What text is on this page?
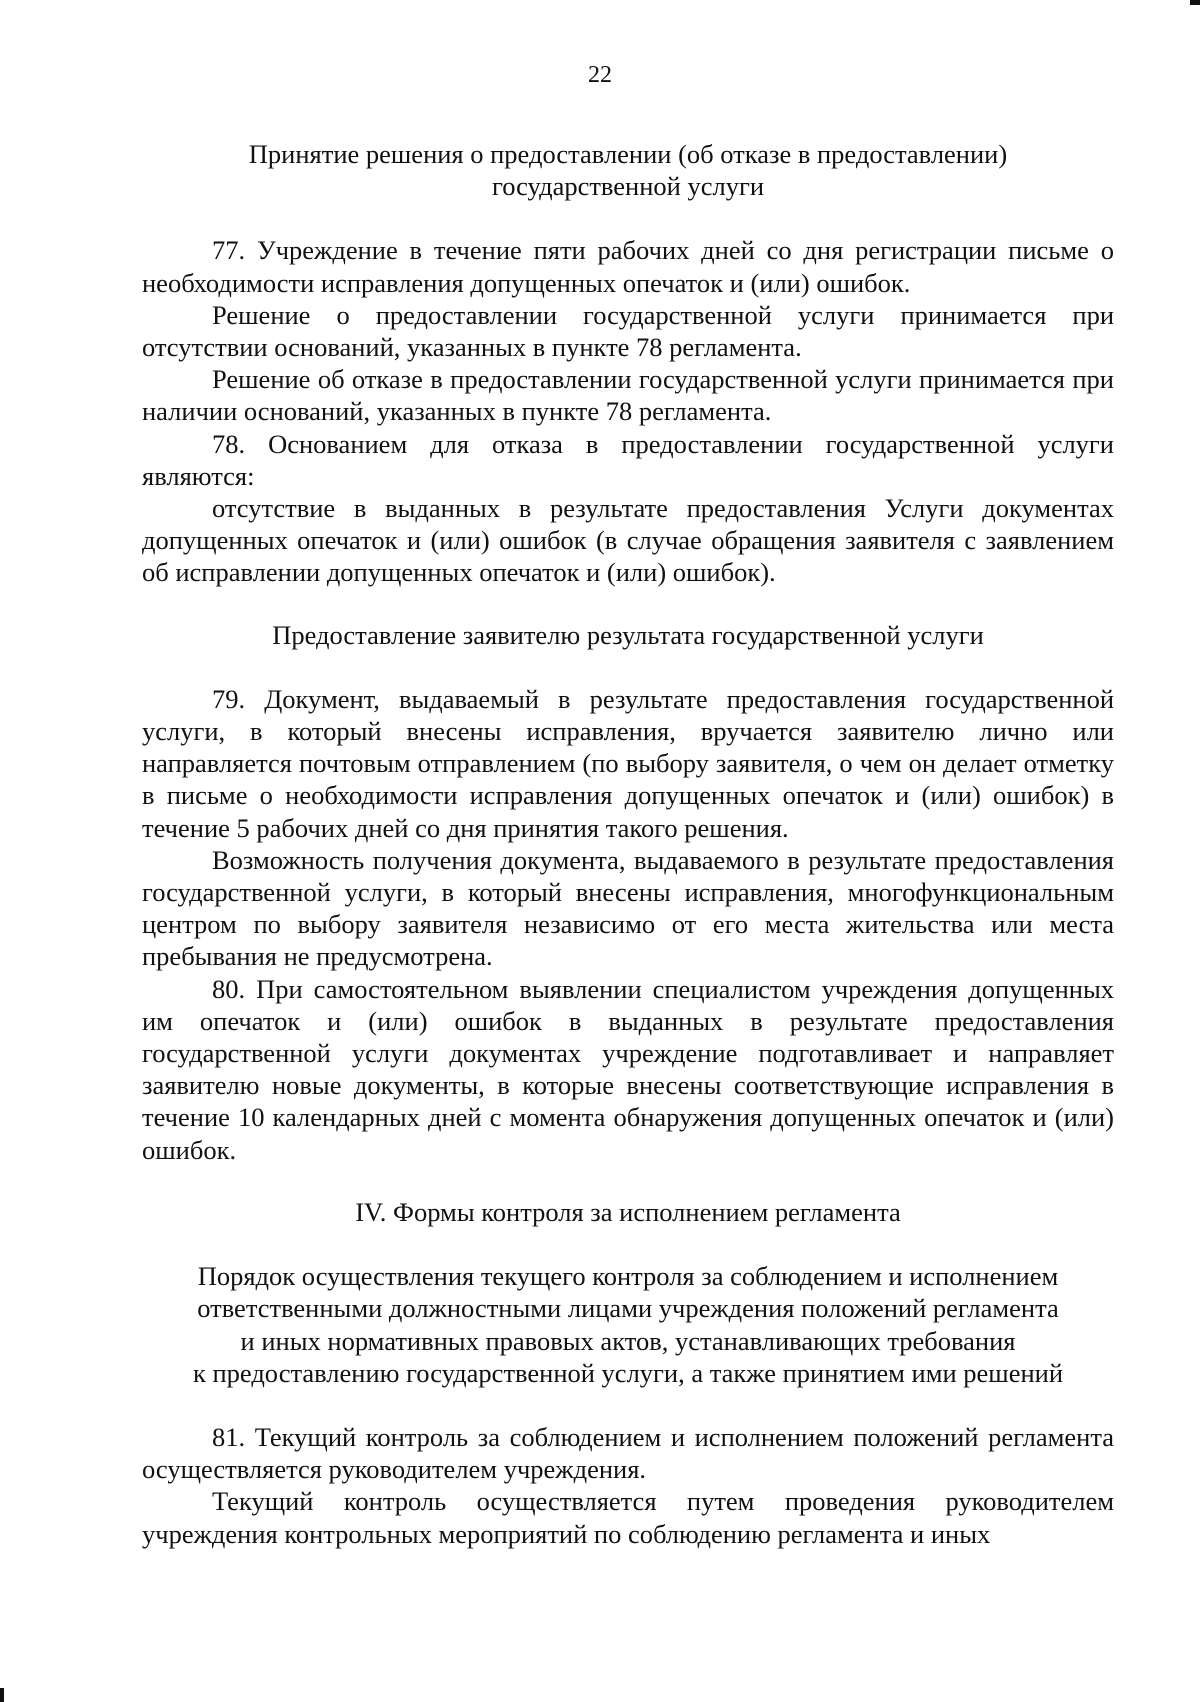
22
Принятие решения о предоставлении (об отказе в предоставлении)
государственной услуги

77. Учреждение в течение пяти рабочих дней со дня регистрации письме о необходимости исправления допущенных опечаток и (или) ошибок.

Решение о предоставлении государственной услуги принимается при отсутствии оснований, указанных в пункте 78 регламента.

Решение об отказе в предоставлении государственной услуги принимается при наличии оснований, указанных в пункте 78 регламента.

78. Основанием для отказа в предоставлении государственной услуги являются:

отсутствие в выданных в результате предоставления Услуги документах допущенных опечаток и (или) ошибок (в случае обращения заявителя с заявлением об исправлении допущенных опечаток и (или) ошибок).

Предоставление заявителю результата государственной услуги

79. Документ, выдаваемый в результате предоставления государственной услуги, в который внесены исправления, вручается заявителю лично или направляется почтовым отправлением (по выбору заявителя, о чем он делает отметку в письме о необходимости исправления допущенных опечаток и (или) ошибок) в течение 5 рабочих дней со дня принятия такого решения.

Возможность получения документа, выдаваемого в результате предоставления государственной услуги, в который внесены исправления, многофункциональным центром по выбору заявителя независимо от его места жительства или места пребывания не предусмотрена.

80. При самостоятельном выявлении специалистом учреждения допущенных им опечаток и (или) ошибок в выданных в результате предоставления государственной услуги документах учреждение подготавливает и направляет заявителю новые документы, в которые внесены соответствующие исправления в течение 10 календарных дней с момента обнаружения допущенных опечаток и (или) ошибок.

IV. Формы контроля за исполнением регламента
Порядок осуществления текущего контроля за соблюдением и исполнением
ответственными должностными лицами учреждения положений регламента
и иных нормативных правовых актов, устанавливающих требования
к предоставлению государственной услуги, а также принятием ими решений

81. Текущий контроль за соблюдением и исполнением положений регламента осуществляется руководителем учреждения.

Текущий контроль осуществляется путем проведения руководителем учреждения контрольных мероприятий по соблюдению регламента и иных
